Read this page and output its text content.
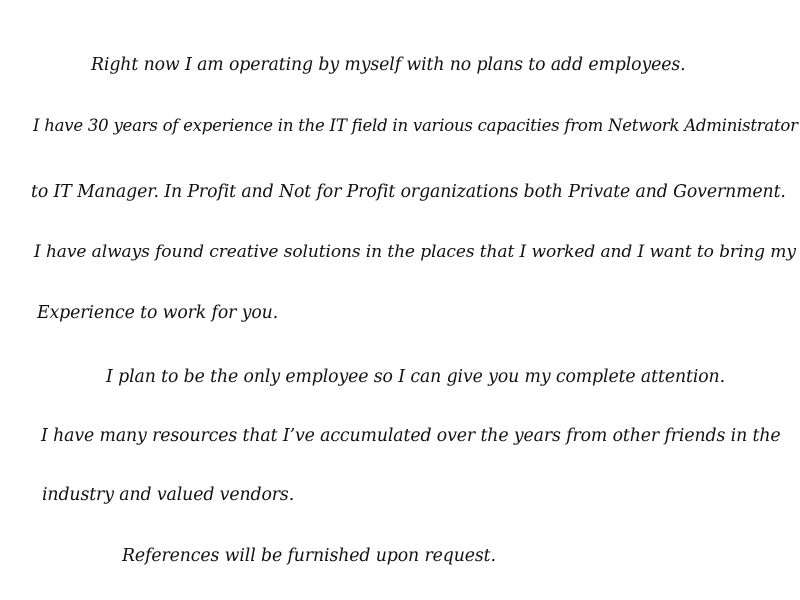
Right now I am operating by myself with no plans to add employees.

I have 30 years of experience in the IT field in various capacities from Network Administrator

to IT Manager. In Profit and Not for Profit organizations both Private and Government.

I have always found creative solutions in the places that I worked and I want to bring my

Experience to work for you.

I plan to be the only employee so I can give you my complete attention.

I have many resources that I’ve accumulated over the years from other friends in the

industry and valued vendors.

References will be furnished upon request.
